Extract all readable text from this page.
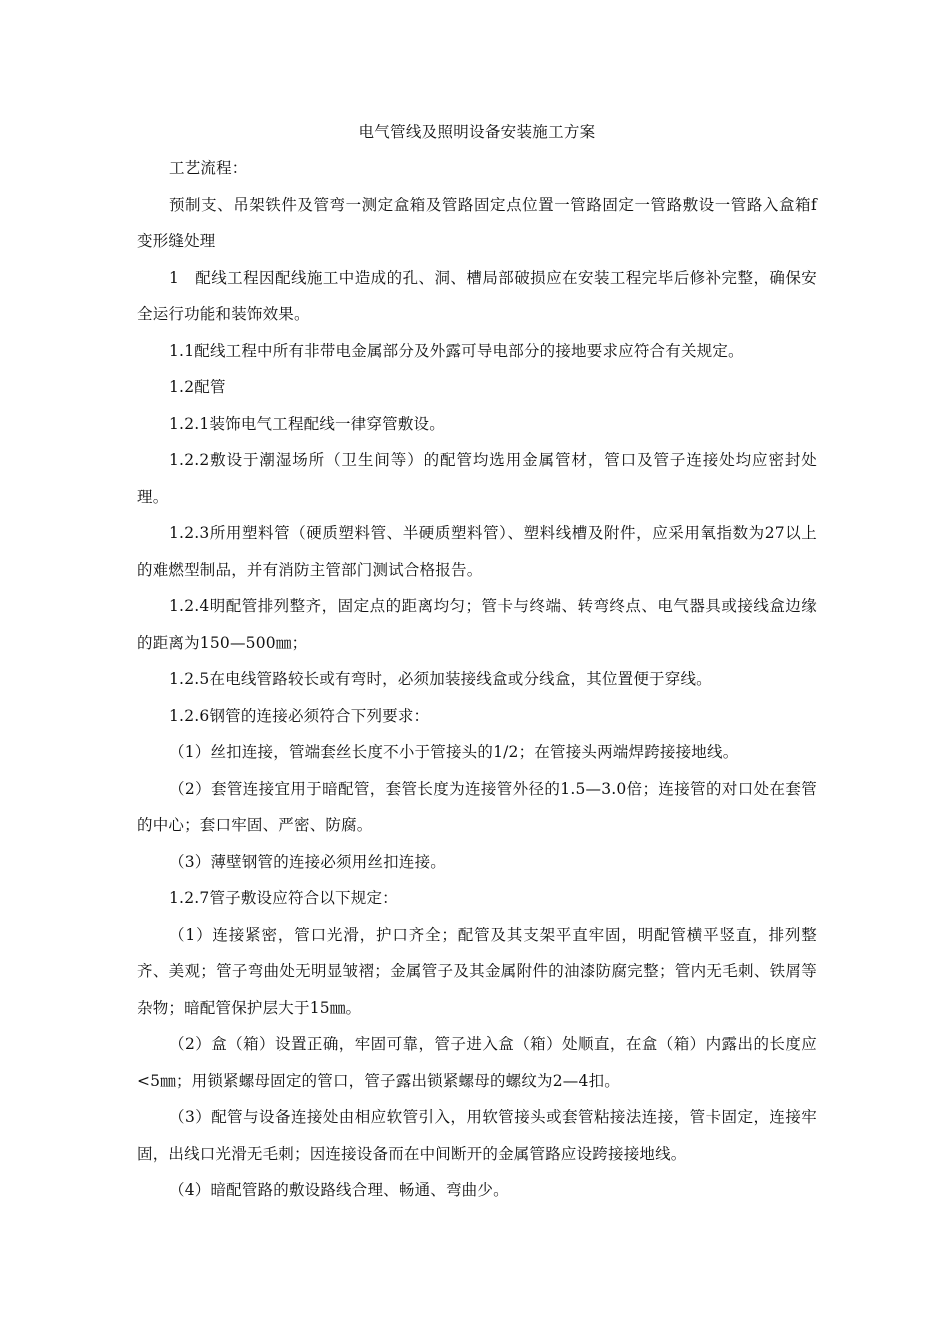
电气管线及照明设备安装施工方案

工艺流程：

预制支、吊架铁件及管弯一测定盒箱及管路固定点位置一管路固定一管路敷设一管路入盒箱f变形缝处理

1　配线工程因配线施工中造成的孔、洞、槽局部破损应在安装工程完毕后修补完整，确保安全运行功能和装饰效果。

1.1配线工程中所有非带电金属部分及外露可导电部分的接地要求应符合有关规定。

1.2配管

1.2.1装饰电气工程配线一律穿管敷设。

1.2.2敷设于潮湿场所（卫生间等）的配管均选用金属管材，管口及管子连接处均应密封处理。

1.2.3所用塑料管（硬质塑料管、半硬质塑料管）、塑料线槽及附件，应采用氧指数为27以上的难燃型制品，并有消防主管部门测试合格报告。

1.2.4明配管排列整齐，固定点的距离均匀；管卡与终端、转弯终点、电气器具或接线盒边缘的距离为150—500㎜；

1.2.5在电线管路较长或有弯时，必须加装接线盒或分线盒，其位置便于穿线。

1.2.6钢管的连接必须符合下列要求：

（1）丝扣连接，管端套丝长度不小于管接头的1/2；在管接头两端焊跨接接地线。

（2）套管连接宜用于暗配管，套管长度为连接管外径的1.5—3.0倍；连接管的对口处在套管的中心；套口牢固、严密、防腐。

（3）薄壁钢管的连接必须用丝扣连接。

1.2.7管子敷设应符合以下规定：

（1）连接紧密，管口光滑，护口齐全；配管及其支架平直牢固，明配管横平竖直，排列整齐、美观；管子弯曲处无明显皱褶；金属管子及其金属附件的油漆防腐完整；管内无毛刺、铁屑等杂物；暗配管保护层大于15㎜。

（2）盒（箱）设置正确，牢固可靠，管子进入盒（箱）处顺直，在盒（箱）内露出的长度应<5㎜；用锁紧螺母固定的管口，管子露出锁紧螺母的螺纹为2—4扣。

（3）配管与设备连接处由相应软管引入，用软管接头或套管粘接法连接，管卡固定，连接牢固，出线口光滑无毛刺；因连接设备而在中间断开的金属管路应设跨接接地线。

（4）暗配管路的敷设路线合理、畅通、弯曲少。
